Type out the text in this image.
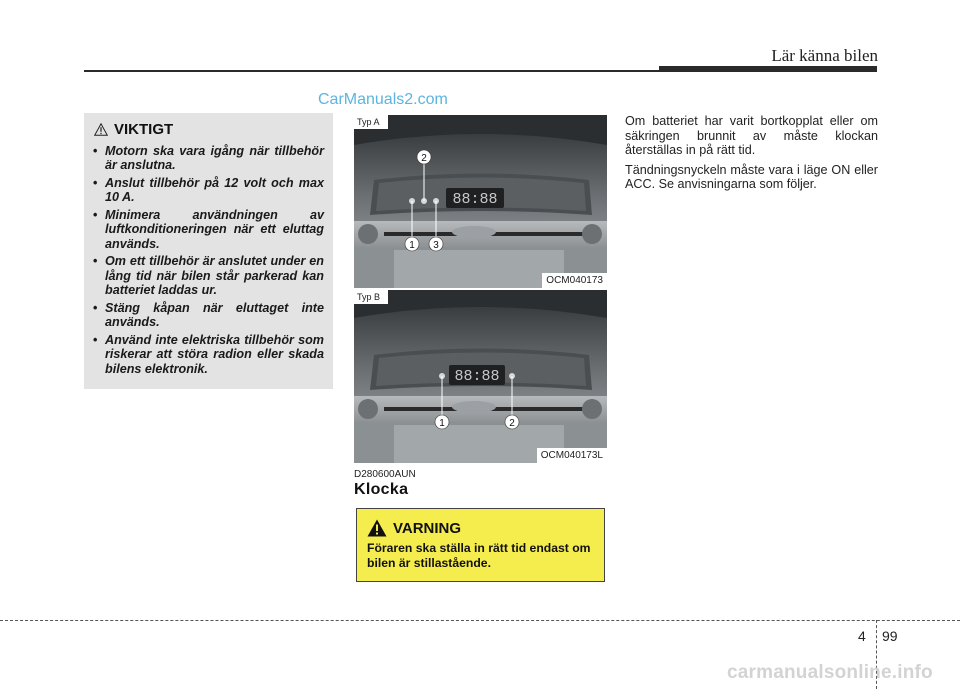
Lär känna bilen
CarManuals2.com
VIKTIGT
• Motorn ska vara igång när tillbehör är anslutna.
• Anslut tillbehör på 12 volt och max 10 A.
• Minimera användningen av luftkonditioneringen när ett eluttag används.
• Om ett tillbehör är anslutet under en lång tid när bilen står parkerad kan batteriet laddas ur.
• Stäng kåpan när eluttaget inte används.
• Använd inte elektriska tillbehör som riskerar att störa radion eller skada bilens elektronik.
88:88
2
1 3
Typ A
OCM040173
88:88
1	2
Typ B
OCM040173L
D280600AUN
Klocka
VARNING
Föraren ska ställa in rätt tid endast om bilen är stillastående.

Om batteriet har varit bortkopplat eller om säkringen brunnit av måste klockan återställas in på rätt tid.

Tändningsnyckeln måste vara i läge ON eller ACC. Se anvisningarna som följer.

4 99
carmanualsonline.info
